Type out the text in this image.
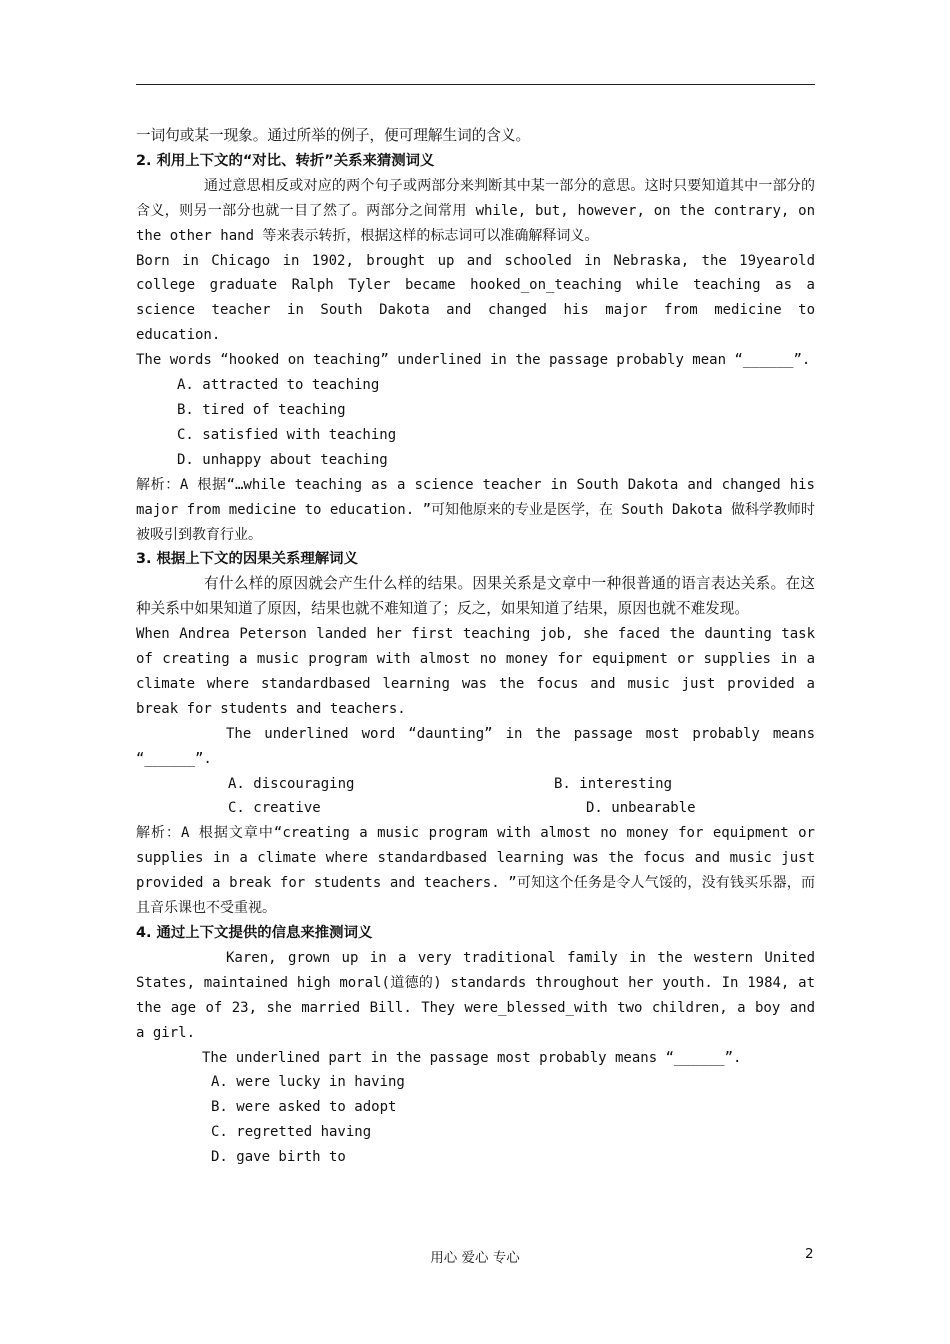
一词句或某一现象。通过所举的例子，便可理解生词的含义。

2. 利用上下文的“对比、转折”关系来猜测词义

通过意思相反或对应的两个句子或两部分来判断其中某一部分的意思。这时只要知道其中一部分的含义，则另一部分也就一目了然了。两部分之间常用 while, but, however, on the contrary, on the other hand 等来表示转折，根据这样的标志词可以准确解释词义。

Born in Chicago in 1902, brought up and schooled in Nebraska, the 19yearold college graduate Ralph Tyler became hooked_on_teaching while teaching as a science teacher in South Dakota and changed his major from medicine to education.

The words “hooked on teaching” underlined in the passage probably mean “______”.

A. attracted to teaching

B. tired of teaching

C. satisfied with teaching

D. unhappy about teaching

解析：A 根据“…while teaching as a science teacher in South Dakota and changed his major from medicine to education. ”可知他原来的专业是医学，在 South Dakota 做科学教师时被吸引到教育行业。

3. 根据上下文的因果关系理解词义

有什么样的原因就会产生什么样的结果。因果关系是文章中一种很普通的语言表达关系。在这种关系中如果知道了原因，结果也就不难知道了；反之，如果知道了结果，原因也就不难发现。

When Andrea Peterson landed her first teaching job, she faced the daunting task of creating a music program with almost no money for equipment or supplies in a climate where standardbased learning was the focus and music just provided a break for students and teachers.

The underlined word “daunting” in the passage most probably means “______”.

A. discouraging	B. interesting
C. creative	D. unbearable

解析：A 根据文章中“creating a music program with almost no money for equipment or supplies in a climate where standardbased learning was the focus and music just provided a break for students and teachers. ”可知这个任务是令人气馁的，没有钱买乐器，而且音乐课也不受重视。

4. 通过上下文提供的信息来推测词义

Karen, grown up in a very traditional family in the western United States, maintained high moral(道德的) standards throughout her youth. In 1984, at the age of 23, she married Bill. They were_blessed_with two children, a boy and a girl.

The underlined part in the passage most probably means “______”.

A. were lucky in having

B. were asked to adopt

C. regretted having

D. gave birth to

用心 爱心 专心	2
